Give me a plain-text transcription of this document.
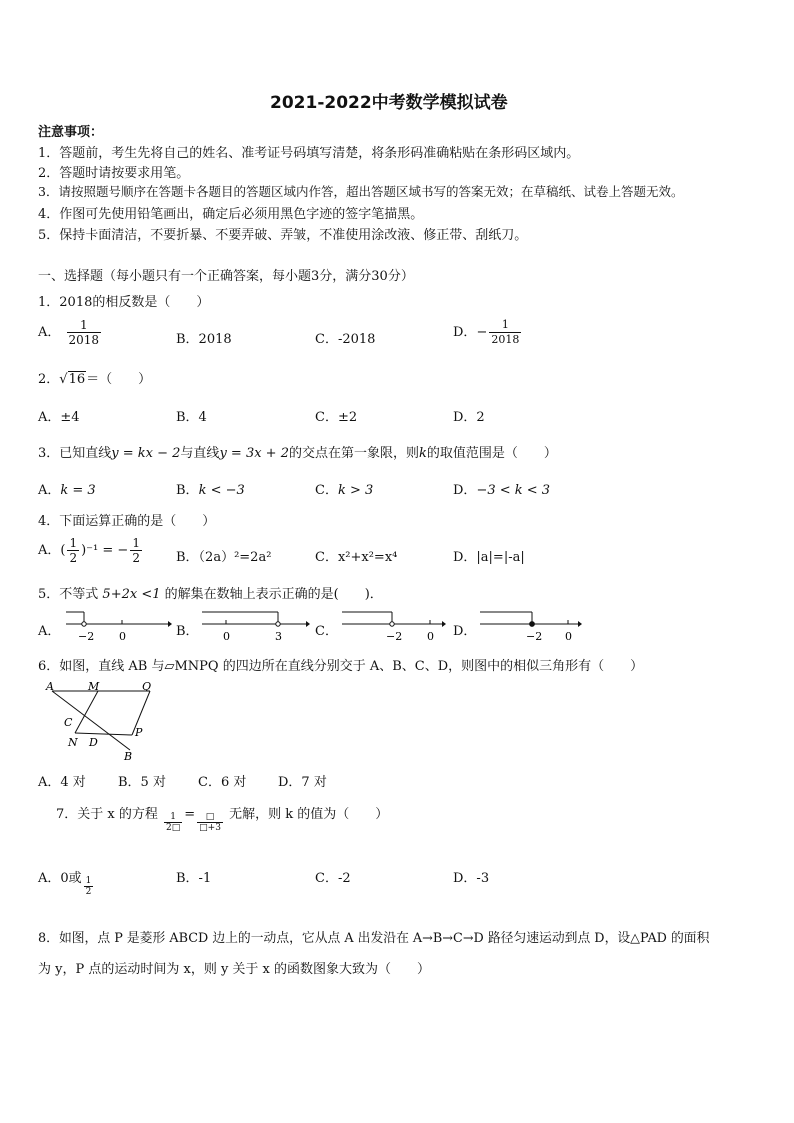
2021-2022中考数学模拟试卷
注意事项：
1．答题前，考生先将自己的姓名、准考证号码填写清楚，将条形码准确粘贴在条形码区域内。
2．答题时请按要求用笔。
3．请按照题号顺序在答题卡各题目的答题区域内作答，超出答题区域书写的答案无效；在草稿纸、试卷上答题无效。
4．作图可先使用铅笔画出，确定后必须用黑色字迹的签字笔描黑。
5．保持卡面清洁，不要折暴、不要弄破、弄皱，不准使用涂改液、修正带、刮纸刀。
一、选择题（每小题只有一个正确答案，每小题3分，满分30分）
1．2018的相反数是（　　）
A． $\frac{1}{2018}$	B．2018	C．-2018	D．− $\frac{1}{2018}$
2．√16＝（　　）
A．±4	B．4	C．±2	D．2
3．已知直线y = kx − 2与直线y = 3x + 2的交点在第一象限，则k的取值范围是（　　）
A．k = 3	B．k < −3	C．k > 3	D．−3 < k < 3
4．下面运算正确的是（　　）
A．( $\frac{1}{2} )^{-1}$ = − $\frac{1}{2}$	B．（2a）²=2a²	C．x²+x²=x⁴	D．|a|=|-a|
5．不等式 5+2x <1 的解集在数轴上表示正确的是(　　)．
A． −2 0	B． 0	3	C．	−2 0 D．	−2 0
6．如图，直线 AB 与▱MNPQ 的四边所在直线分别交于 A、B、C、D，则图中的相似三角形有（　　）
A	M	Q
C
N D
P
B
A．4 对 B．5 对 C．6 对 D．7 对
7．关于 x 的方程 $\frac{1}{2□} = \frac{□}{□+3}$ 无解，则 k 的值为（　　）
A．0或 $\frac{1}{2}$	B．-1	C．-2	D．-3
8．如图，点 P 是菱形 ABCD 边上的一动点，它从点 A 出发沿在 A→B→C→D 路径匀速运动到点 D，设△PAD 的面积
为 y，P 点的运动时间为 x，则 y 关于 x 的函数图象大致为（　　）
